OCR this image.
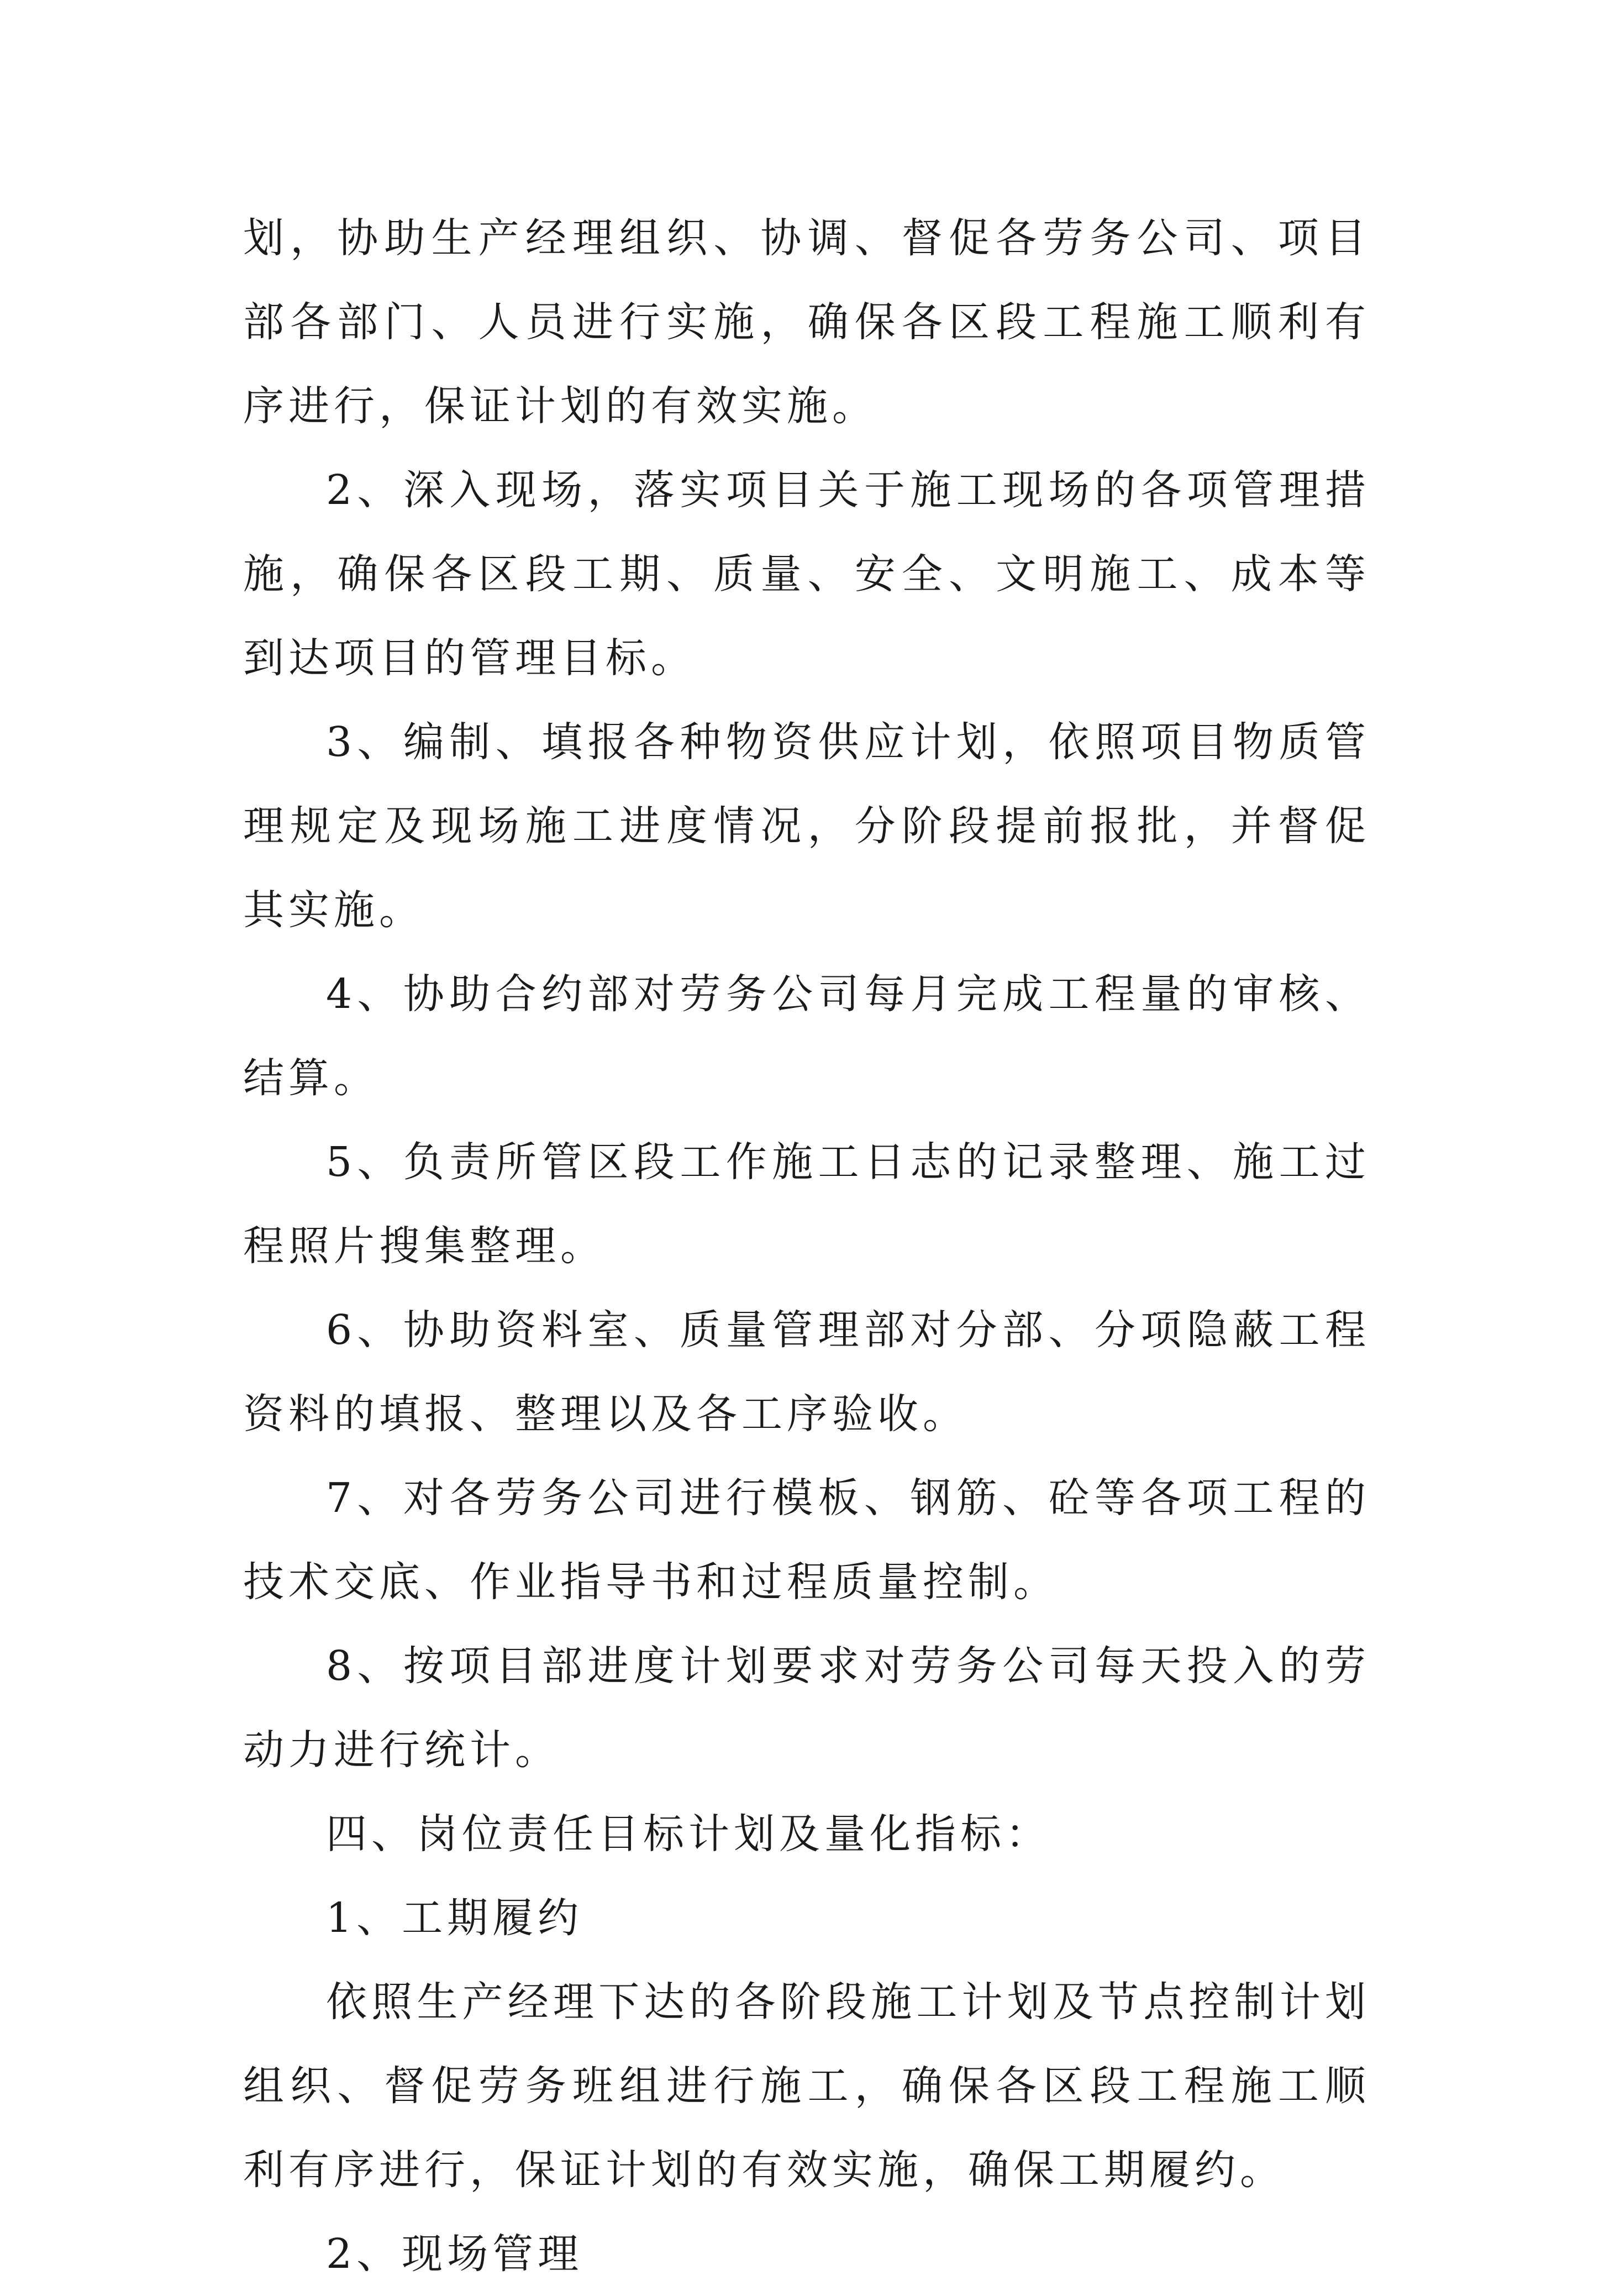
划，协助生产经理组织、协调、督促各劳务公司、项目部各部门、人员进行实施，确保各区段工程施工顺利有序进行，保证计划的有效实施。

2、深入现场，落实项目关于施工现场的各项管理措施，确保各区段工期、质量、安全、文明施工、成本等到达项目的管理目标。

3、编制、填报各种物资供应计划，依照项目物质管理规定及现场施工进度情况，分阶段提前报批，并督促其实施。

4、协助合约部对劳务公司每月完成工程量的审核、结算。

5、负责所管区段工作施工日志的记录整理、施工过程照片搜集整理。

6、协助资料室、质量管理部对分部、分项隐蔽工程资料的填报、整理以及各工序验收。

7、对各劳务公司进行模板、钢筋、砼等各项工程的技术交底、作业指导书和过程质量控制。

8、按项目部进度计划要求对劳务公司每天投入的劳动力进行统计。

四、岗位责任目标计划及量化指标：

1、工期履约

依照生产经理下达的各阶段施工计划及节点控制计划组织、督促劳务班组进行施工，确保各区段工程施工顺利有序进行，保证计划的有效实施，确保工期履约。

2、现场管理
